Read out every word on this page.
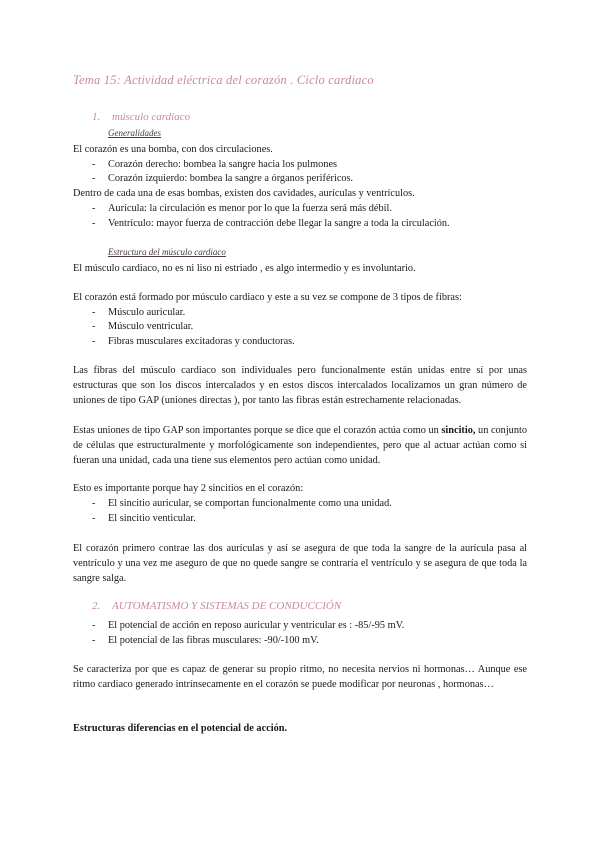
Tema 15: Actividad eléctrica del corazón . Ciclo cardiaco
1. músculo cardiaco
Generalidades
El corazón es una bomba, con dos circulaciones.
- Corazón derecho: bombea la sangre hacia los pulmones
- Corazón izquierdo: bombea la sangre a órganos periféricos.
Dentro de cada una de esas bombas, existen dos cavidades, aurículas y ventrículos.
- Aurícula: la circulación es menor por lo que la fuerza será más débil.
- Ventrículo: mayor fuerza de contracción debe llegar la sangre a toda la circulación.
Estructura del músculo cardiaco
El músculo cardiaco, no es ni liso ni estriado , es algo intermedio y es involuntario.
El corazón está formado por músculo cardiaco y este a su vez se compone de 3 tipos de fibras:
- Músculo auricular.
- Músculo ventricular.
- Fibras musculares excitadoras y conductoras.
Las fibras del músculo cardiaco son individuales pero funcionalmente están unidas entre sí por unas estructuras que son los discos intercalados y en estos discos intercalados localizamos un gran número de uniones de tipo GAP (uniones directas ), por tanto las fibras están estrechamente relacionadas.
Estas uniones de tipo GAP son importantes porque se dice que el corazón actúa como un sincitio, un conjunto de células que estructuralmente y morfológicamente son independientes, pero que al actuar actúan como si fueran una unidad, cada una tiene sus elementos pero actúan como unidad.
Esto es importante porque hay 2 sincitios en el corazón:
- El sincitio auricular, se comportan funcionalmente como una unidad.
- El sincitio venticular.
El corazón primero contrae las dos aurículas y así se asegura de que toda la sangre de la aurícula pasa al ventrículo y una vez me aseguro de que no quede sangre se contraría el ventrículo y se asegura de que toda la sangre salga.
2. AUTOMATISMO Y SISTEMAS DE CONDUCCIÓN
- El potencial de acción en reposo auricular y ventricular es : -85/-95 mV.
- El potencial de las fibras musculares: -90/-100 mV.
Se caracteriza por que es capaz de generar su propio ritmo, no necesita nervios ni hormonas… Aunque ese ritmo cardiaco generado intrínsecamente en el corazón se puede modificar por neuronas , hormonas…
Estructuras diferencias en el potencial de acción.
